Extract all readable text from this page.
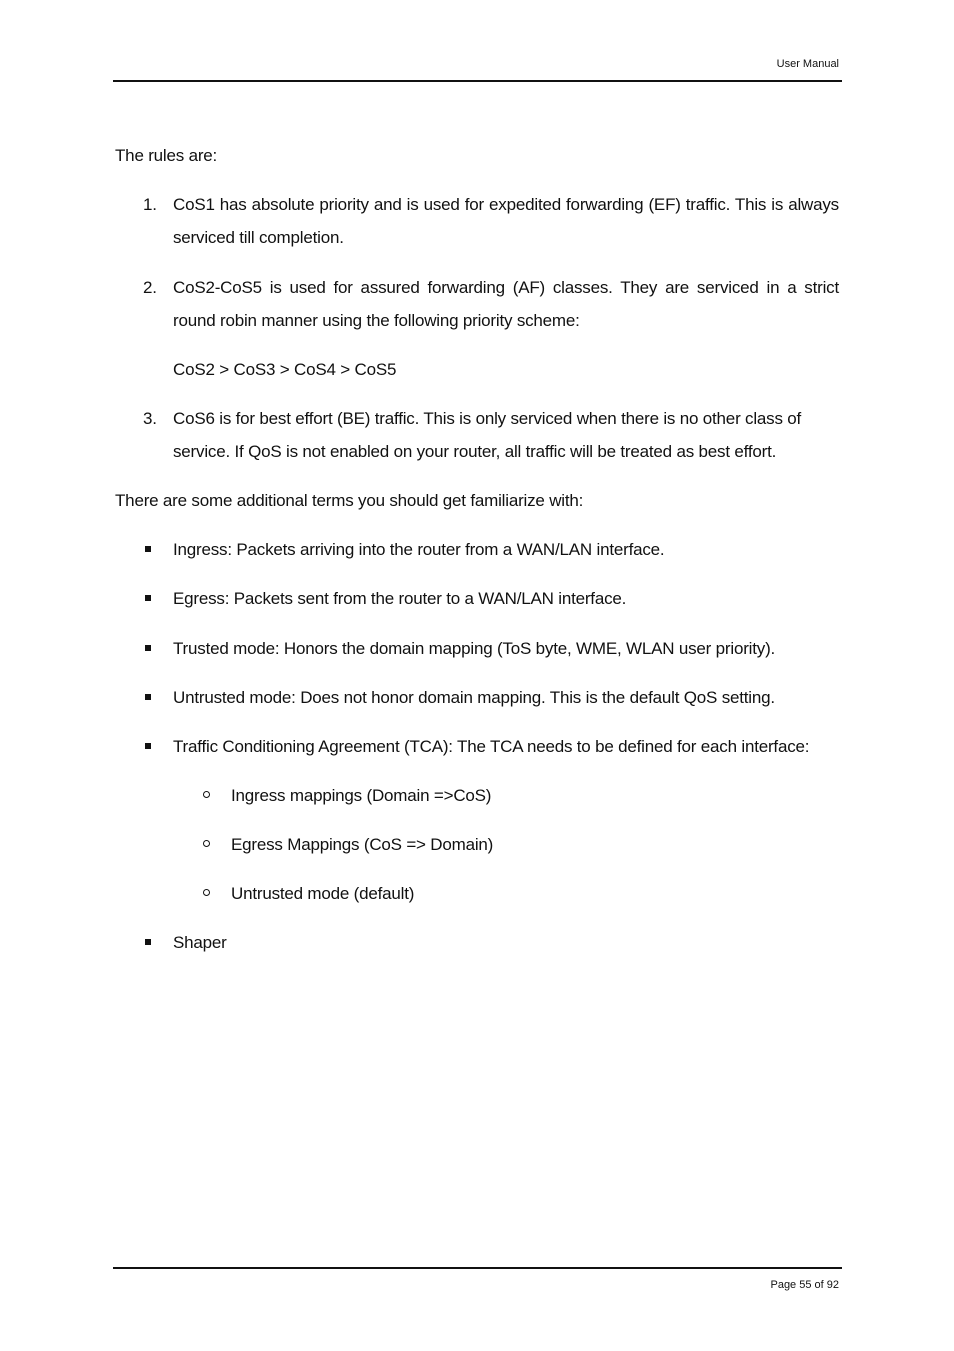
User Manual

The rules are:

1. CoS1 has absolute priority and is used for expedited forwarding (EF) traffic. This is always serviced till completion.
2. CoS2-CoS5 is used for assured forwarding (AF) classes. They are serviced in a strict round robin manner using the following priority scheme:
CoS2 > CoS3 > CoS4 > CoS5
3. CoS6 is for best effort (BE) traffic. This is only serviced when there is no other class of service. If QoS is not enabled on your router, all traffic will be treated as best effort.

There are some additional terms you should get familiarize with:

Ingress: Packets arriving into the router from a WAN/LAN interface.
Egress: Packets sent from the router to a WAN/LAN interface.
Trusted mode: Honors the domain mapping (ToS byte, WME, WLAN user priority).
Untrusted mode: Does not honor domain mapping. This is the default QoS setting.
Traffic Conditioning Agreement (TCA): The TCA needs to be defined for each interface:
Ingress mappings (Domain =>CoS)
Egress Mappings (CoS => Domain)
Untrusted mode (default)
Shaper
Page 55 of 92
